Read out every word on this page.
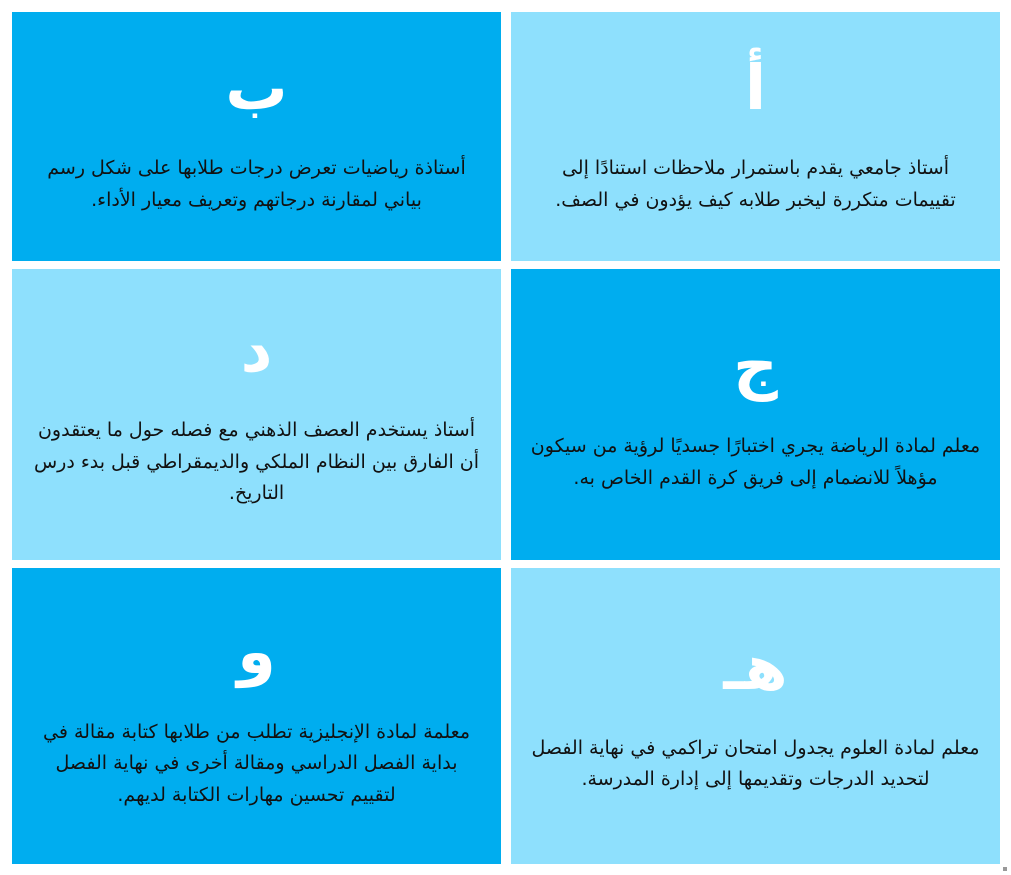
ب
أستاذة رياضيات تعرض درجات طلابها على شكل رسم بياني لمقارنة درجاتهم وتعريف معيار الأداء.
أ
أستاذ جامعي يقدم باستمرار ملاحظات استنادًا إلى تقييمات متكررة ليخبر طلابه كيف يؤدون في الصف.
د
أستاذ يستخدم العصف الذهني مع فصله حول ما يعتقدون أن الفارق بين النظام الملكي والديمقراطي قبل بدء درس التاريخ.
ج
معلم لمادة الرياضة يجري اختبارًا جسديًا لرؤية من سيكون مؤهلاً للانضمام إلى فريق كرة القدم الخاص به.
و
معلمة لمادة الإنجليزية تطلب من طلابها كتابة مقالة في بداية الفصل الدراسي ومقالة أخرى في نهاية الفصل لتقييم تحسين مهارات الكتابة لديهم.
هـ
معلم لمادة العلوم يجدول امتحان تراكمي في نهاية الفصل لتحديد الدرجات وتقديمها إلى إدارة المدرسة.
